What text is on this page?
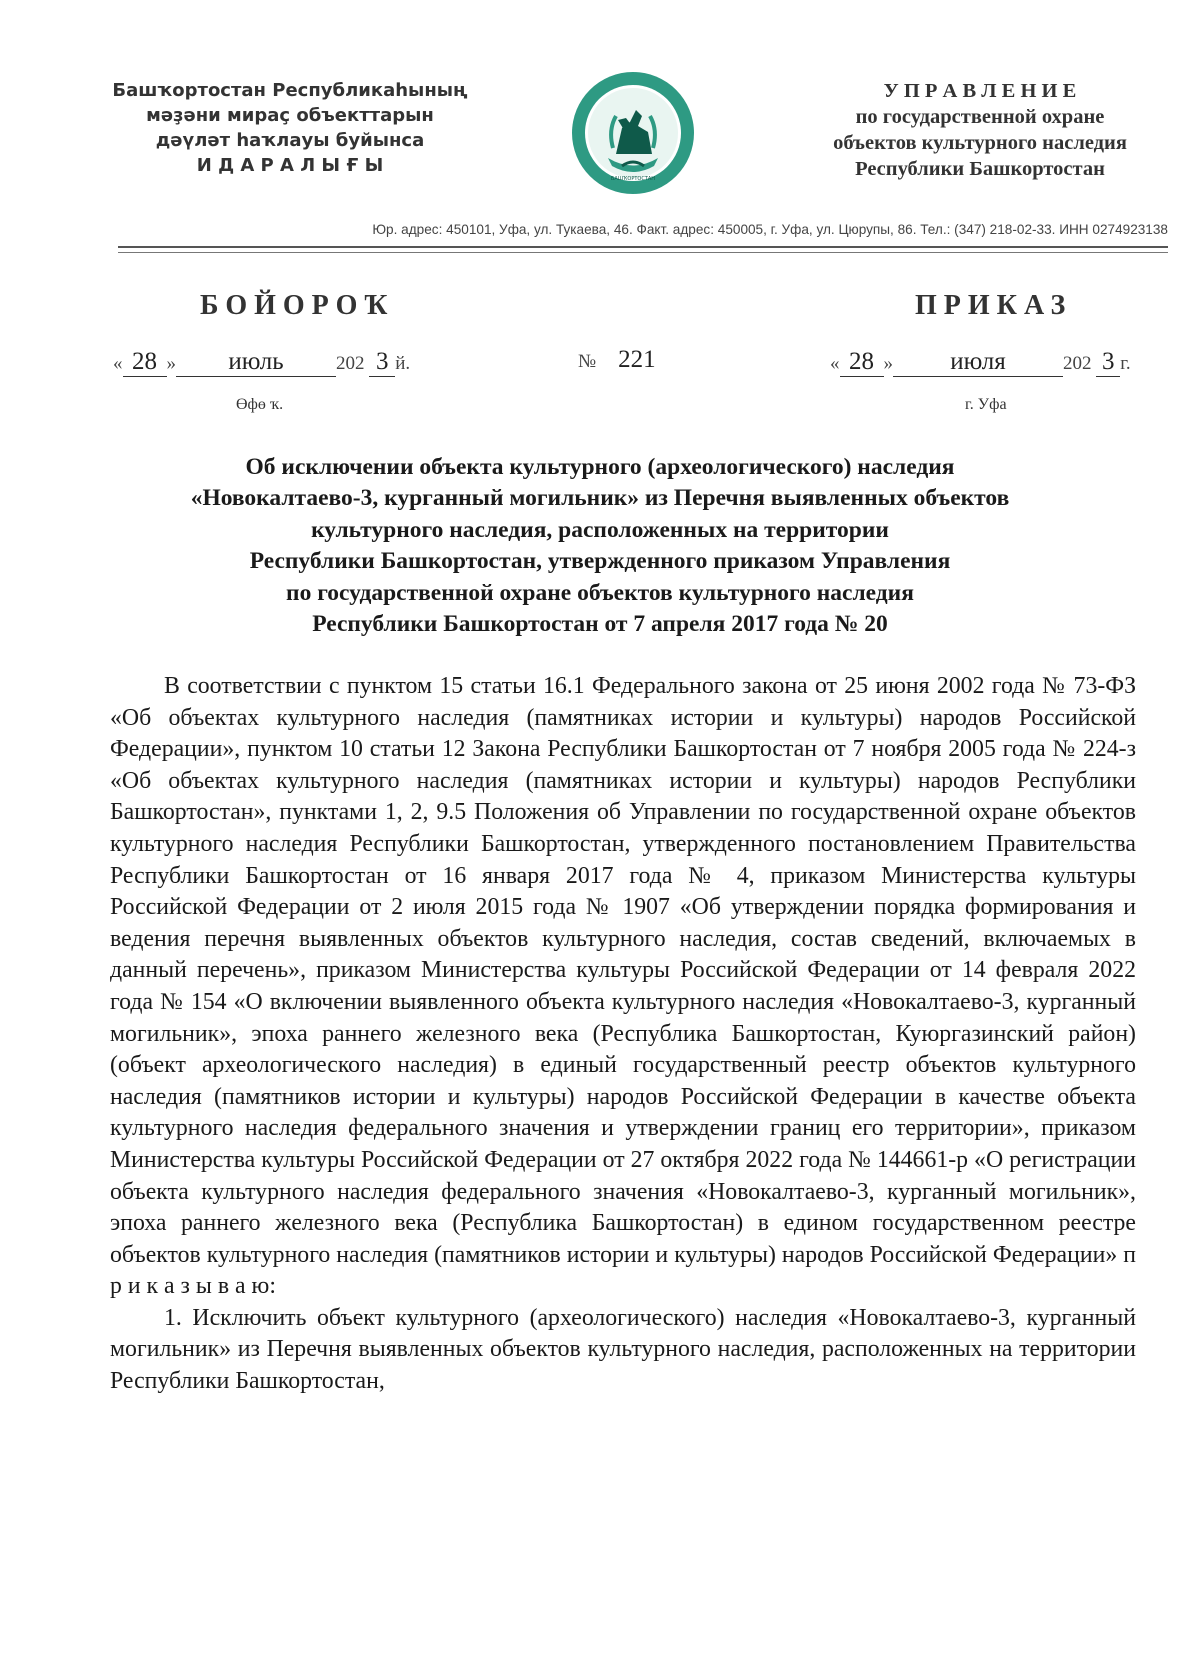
Башҡортостан Республикаһының
мәҙәни мираҫ объекттарын
дәүләт һаҡлауы буйынса
И Д А Р А Л Ы Ғ Ы
БАШҠОРТОСТАН
У П Р А В Л Е Н И Е
по государственной охране
объектов культурного наследия
Республики Башкортостан
Юр. адрес: 450101, Уфа, ул. Тукаева, 46. Факт. адрес: 450005, г. Уфа, ул. Цюрупы, 86. Тел.: (347) 218-02-33. ИНН 0274923138
БОЙОРОҠ	ПРИКАЗ
« 28 » июль	202 3 й.	№ 221	« 28 » июля	202 3 г.
Өфө ҡ.	г. Уфа
Об исключении объекта культурного (археологического) наследия
«Новокалтаево-3, курганный могильник» из Перечня выявленных объектов
культурного наследия, расположенных на территории
Республики Башкортостан, утвержденного приказом Управления
по государственной охране объектов культурного наследия
Республики Башкортостан от 7 апреля 2017 года № 20

В соответствии с пунктом 15 статьи 16.1 Федерального закона от 25 июня 2002 года № 73-ФЗ «Об объектах культурного наследия (памятниках истории и культуры) народов Российской Федерации», пунктом 10 статьи 12 Закона Республики Башкортостан от 7 ноября 2005 года № 224-з «Об объектах культурного наследия (памятниках истории и культуры) народов Республики Башкортостан», пунктами 1, 2, 9.5 Положения об Управлении по государственной охране объектов культурного наследия Республики Башкортостан, утвержденного постановлением Правительства Республики Башкортостан от 16 января 2017 года № 4, приказом Министерства культуры Российской Федерации от 2 июля 2015 года № 1907 «Об утверждении порядка формирования и ведения перечня выявленных объектов культурного наследия, состав сведений, включаемых в данный перечень», приказом Министерства культуры Российской Федерации от 14 февраля 2022 года № 154 «О включении выявленного объекта культурного наследия «Новокалтаево-3, курганный могильник», эпоха раннего железного века (Республика Башкортостан, Куюргазинский район) (объект археологического наследия) в единый государственный реестр объектов культурного наследия (памятников истории и культуры) народов Российской Федерации в качестве объекта культурного наследия федерального значения и утверждении границ его территории», приказом Министерства культуры Российской Федерации от 27 октября 2022 года № 144661-р «О регистрации объекта культурного наследия федерального значения «Новокалтаево-3, курганный могильник», эпоха раннего железного века (Республика Башкортостан) в едином государственном реестре объектов культурного наследия (памятников истории и культуры) народов Российской Федерации» п р и к а з ы в а ю:

1. Исключить объект культурного (археологического) наследия «Новокалтаево-3, курганный могильник» из Перечня выявленных объектов культурного наследия, расположенных на территории Республики Башкортостан,
